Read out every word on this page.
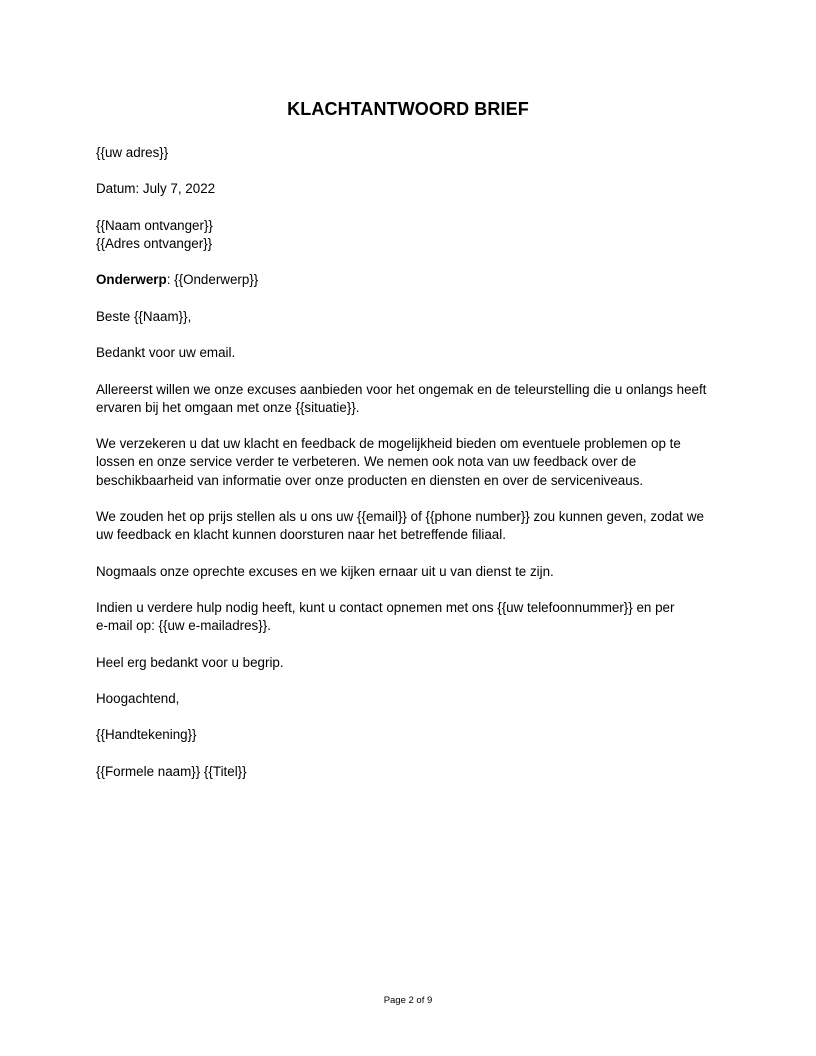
KLACHTANTWOORD BRIEF

{{uw adres}}

Datum: July 7, 2022

{{Naam ontvanger}}
{{Adres ontvanger}}

Onderwerp: {{Onderwerp}}

Beste {{Naam}},

Bedankt voor uw email.

Allereerst willen we onze excuses aanbieden voor het ongemak en de teleurstelling die u onlangs heeft
ervaren bij het omgaan met onze {{situatie}}.

We verzekeren u dat uw klacht en feedback de mogelijkheid bieden om eventuele problemen op te
lossen en onze service verder te verbeteren. We nemen ook nota van uw feedback over de
beschikbaarheid van informatie over onze producten en diensten en over de serviceniveaus.

We zouden het op prijs stellen als u ons uw {{email}} of {{phone number}} zou kunnen geven, zodat we
uw feedback en klacht kunnen doorsturen naar het betreffende filiaal.

Nogmaals onze oprechte excuses en we kijken ernaar uit u van dienst te zijn.

Indien u verdere hulp nodig heeft, kunt u contact opnemen met ons {{uw telefoonnummer}} en per
e-mail op: {{uw e-mailadres}}.

Heel erg bedankt voor u begrip.

Hoogachtend,

{{Handtekening}}

{{Formele naam}} {{Titel}}

Page 2 of 9
